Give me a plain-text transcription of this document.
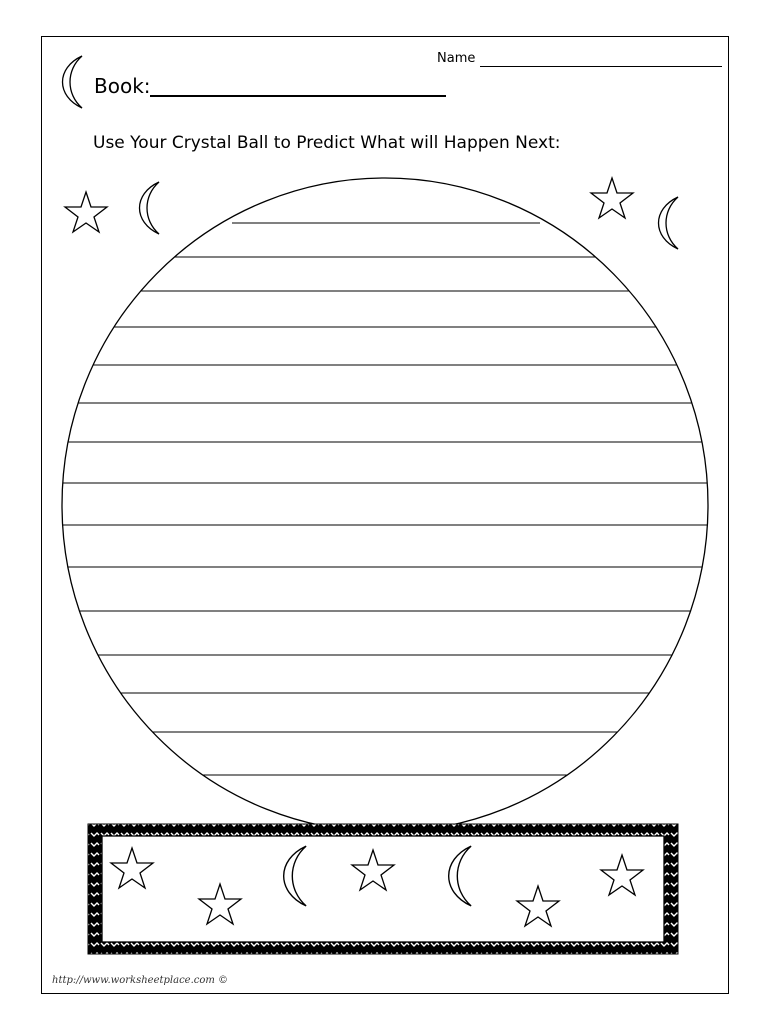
Name
Book:
Use Your Crystal Ball to Predict What will Happen Next:
http://www.worksheetplace.com ©
